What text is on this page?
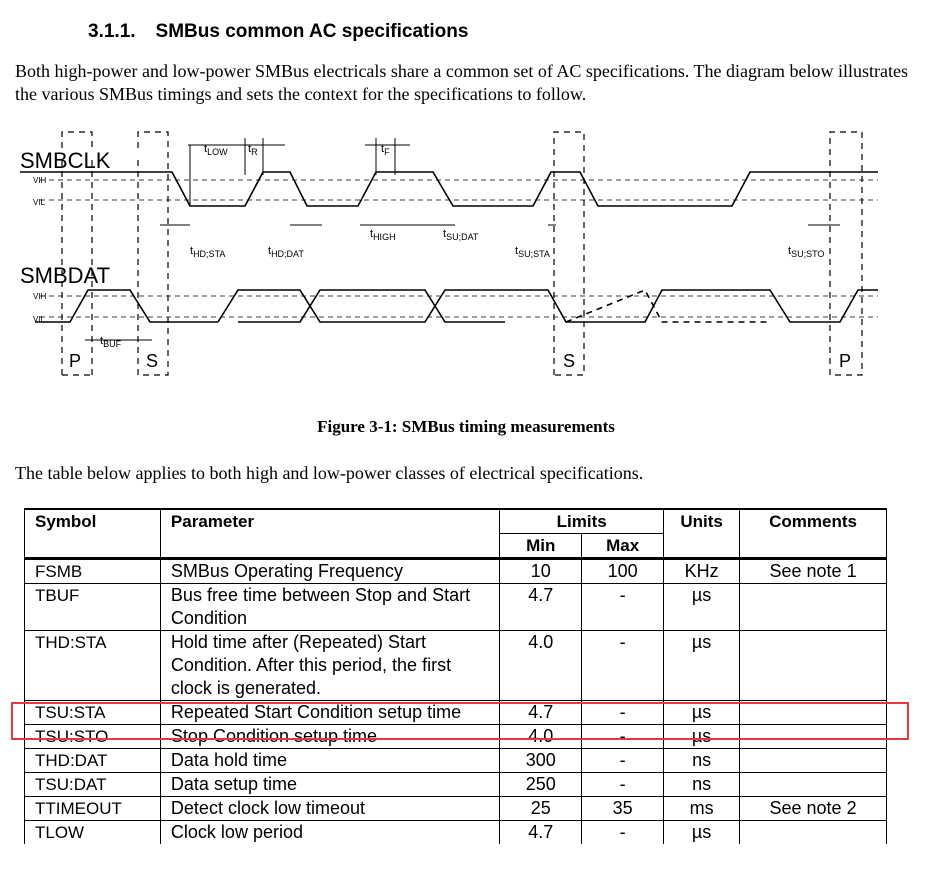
3.1.1. SMBus common AC specifications
Both high-power and low-power SMBus electricals share a common set of AC specifications. The diagram below illustrates the various SMBus timings and sets the context for the specifications to follow.
SMBCLK
SMBDAT
VIH
VIL
VIH
VIL
$t_{LOW}$ $t_R$	$t_F$
$t_{HD;STA}$	$t_{HD;DAT}$
$t_{HIGH}$	$t_{SU;DAT}$
$t_{SU;STA}$	$t_{SU;STO}$
$t_{BUF}$
P	S	S	P
Figure 3-1: SMBus timing measurements
The table below applies to both high and low-power classes of electrical specifications.
Symbol	Parameter	Limits		Units	Comments
		Min	Max		
FSMB	SMBus Operating Frequency	10	100	KHz	See note 1
TBUF	Bus free time between Stop and Start Condition	4.7	-	µs	
THD:STA	Hold time after (Repeated) Start Condition. After this period, the first clock is generated.	4.0	-	µs	
TSU:STA	Repeated Start Condition setup time	4.7	-	µs	
TSU:STO	Stop Condition setup time	4.0	-	µs	
THD:DAT	Data hold time	300	-	ns	
TSU:DAT	Data setup time	250	-	ns	
TTIMEOUT	Detect clock low timeout	25	35	ms	See note 2
TLOW	Clock low period	4.7	-	µs	
